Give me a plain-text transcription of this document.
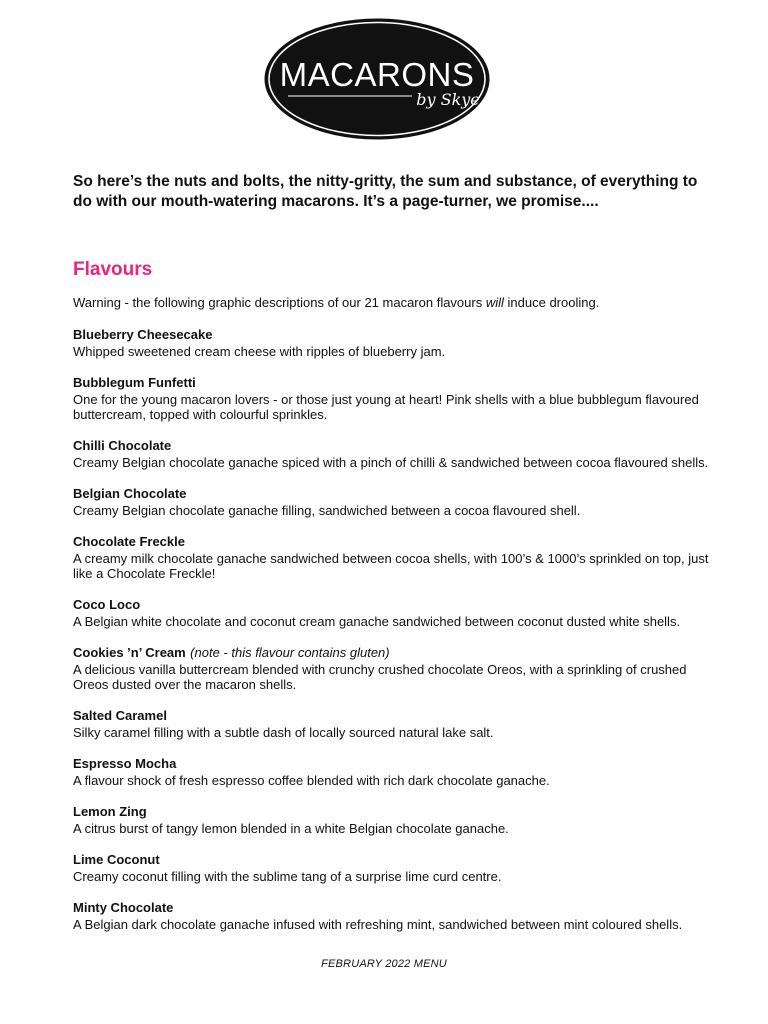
MACARONS
by Skye

So here’s the nuts and bolts, the nitty-gritty, the sum and substance, of everything to do with our mouth-watering macarons. It’s a page-turner, we promise....

Flavours

Warning - the following graphic descriptions of our 21 macaron flavours will induce drooling.

Blueberry Cheesecake

Whipped sweetened cream cheese with ripples of blueberry jam.

Bubblegum Funfetti

One for the young macaron lovers - or those just young at heart! Pink shells with a blue bubblegum flavoured buttercream, topped with colourful sprinkles.

Chilli Chocolate

Creamy Belgian chocolate ganache spiced with a pinch of chilli & sandwiched between cocoa flavoured shells.

Belgian Chocolate

Creamy Belgian chocolate ganache filling, sandwiched between a cocoa flavoured shell.

Chocolate Freckle

A creamy milk chocolate ganache sandwiched between cocoa shells, with 100’s & 1000’s sprinkled on top, just like a Chocolate Freckle!

Coco Loco

A Belgian white chocolate and coconut cream ganache sandwiched between coconut dusted white shells.

Cookies ’n’ Cream (note - this flavour contains gluten)

A delicious vanilla buttercream blended with crunchy crushed chocolate Oreos, with a sprinkling of crushed Oreos dusted over the macaron shells.

Salted Caramel

Silky caramel filling with a subtle dash of locally sourced natural lake salt.

Espresso Mocha

A flavour shock of fresh espresso coffee blended with rich dark chocolate ganache.

Lemon Zing

A citrus burst of tangy lemon blended in a white Belgian chocolate ganache.

Lime Coconut

Creamy coconut filling with the sublime tang of a surprise lime curd centre.

Minty Chocolate

A Belgian dark chocolate ganache infused with refreshing mint, sandwiched between mint coloured shells.

FEBRUARY 2022 MENU
